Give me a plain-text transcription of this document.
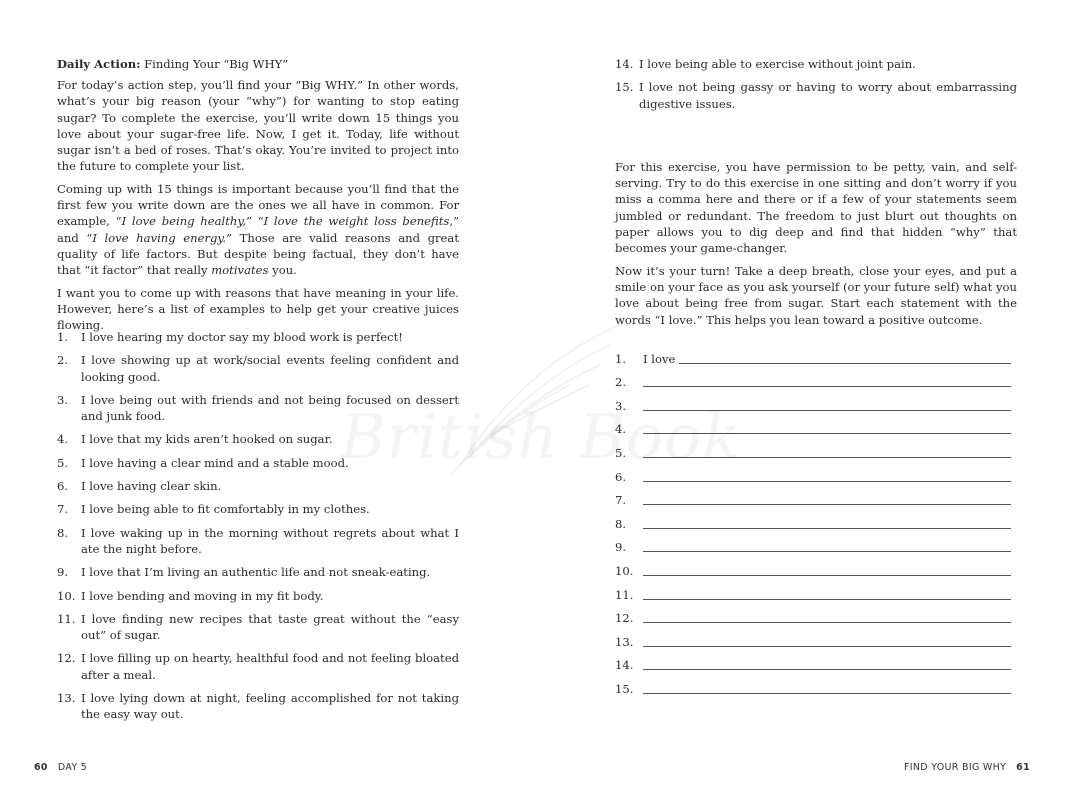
Daily Action: Finding Your “Big WHY”

For today’s action step, you’ll find your “Big WHY.” In other words, what’s your big reason (your “why”) for wanting to stop eating sugar? To complete the exercise, you’ll write down 15 things you love about your sugar-free life. Now, I get it. Today, life without sugar isn’t a bed of roses. That’s okay. You’re invited to project into the future to complete your list.

Coming up with 15 things is important because you’ll find that the first few you write down are the ones we all have in common. For example, “I love being healthy,” “I love the weight loss benefits,” and “I love having energy.” Those are valid reasons and great quality of life factors. But despite being factual, they don’t have that “it factor” that really motivates you.

I want you to come up with reasons that have meaning in your life. However, here’s a list of examples to help get your creative juices flowing.

1.	I love hearing my doctor say my blood work is perfect!
2.	I love showing up at work/social events feeling confident and looking good.
3.	I love being out with friends and not being focused on dessert and junk food.
4.	I love that my kids aren’t hooked on sugar.
5.	I love having a clear mind and a stable mood.
6.	I love having clear skin.
7.	I love being able to fit comfortably in my clothes.
8.	I love waking up in the morning without regrets about what I ate the night before.
9.	I love that I’m living an authentic life and not sneak-eating.
10. I love bending and moving in my fit body.
11. I love finding new recipes that taste great without the “easy out” of sugar.
12. I love filling up on hearty, healthful food and not feeling bloated after a meal.
13. I love lying down at night, feeling accomplished for not taking the easy way out.
60 DAY 5
14. I love being able to exercise without joint pain.
15. I love not being gassy or having to worry about embarrassing digestive issues.

For this exercise, you have permission to be petty, vain, and self-serving. Try to do this exercise in one sitting and don’t worry if you miss a comma here and there or if a few of your statements seem jumbled or redundant. The freedom to just blurt out thoughts on paper allows you to dig deep and find that hidden “why” that becomes your game-changer.

Now it’s your turn! Take a deep breath, close your eyes, and put a smile on your face as you ask yourself (or your future self) what you love about being free from sugar. Start each statement with the words “I love.” This helps you lean toward a positive outcome.

1.	I love
2.
3.
4.
5.
6.
7.
8.
9.
10.
11.
12.
13.
14.
15.
FIND YOUR BIG WHY 61
